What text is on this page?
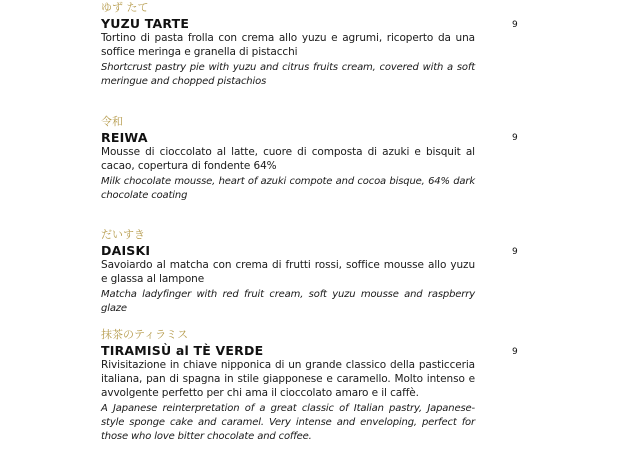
ゆず たて
YUZU TARTE
Tortino di pasta frolla con crema allo yuzu e agrumi, ricoperto da una soffice meringa e granella di pistacchi
Shortcrust pastry pie with yuzu and citrus fruits cream, covered with a soft meringue and chopped pistachios
9
令和
REIWA
Mousse di cioccolato al latte, cuore di composta di azuki e bisquit al cacao, copertura di fondente 64%
Milk chocolate mousse, heart of azuki compote and cocoa bisque, 64% dark chocolate coating
9
だいすき
DAISKI
Savoiardo al matcha con crema di frutti rossi, soffice mousse allo yuzu e glassa al lampone
Matcha ladyfinger with red fruit cream, soft yuzu mousse and raspberry glaze
9
抹茶のティラミス
TIRAMISÙ al TÈ VERDE
Rivisitazione in chiave nipponica di un grande classico della pasticceria italiana, pan di spagna in stile giapponese e caramello. Molto intenso e avvolgente perfetto per chi ama il cioccolato amaro e il caffè.
A Japanese reinterpretation of a great classic of Italian pastry, Japanese-style sponge cake and caramel. Very intense and enveloping, perfect for those who love bitter chocolate and coffee.
9
